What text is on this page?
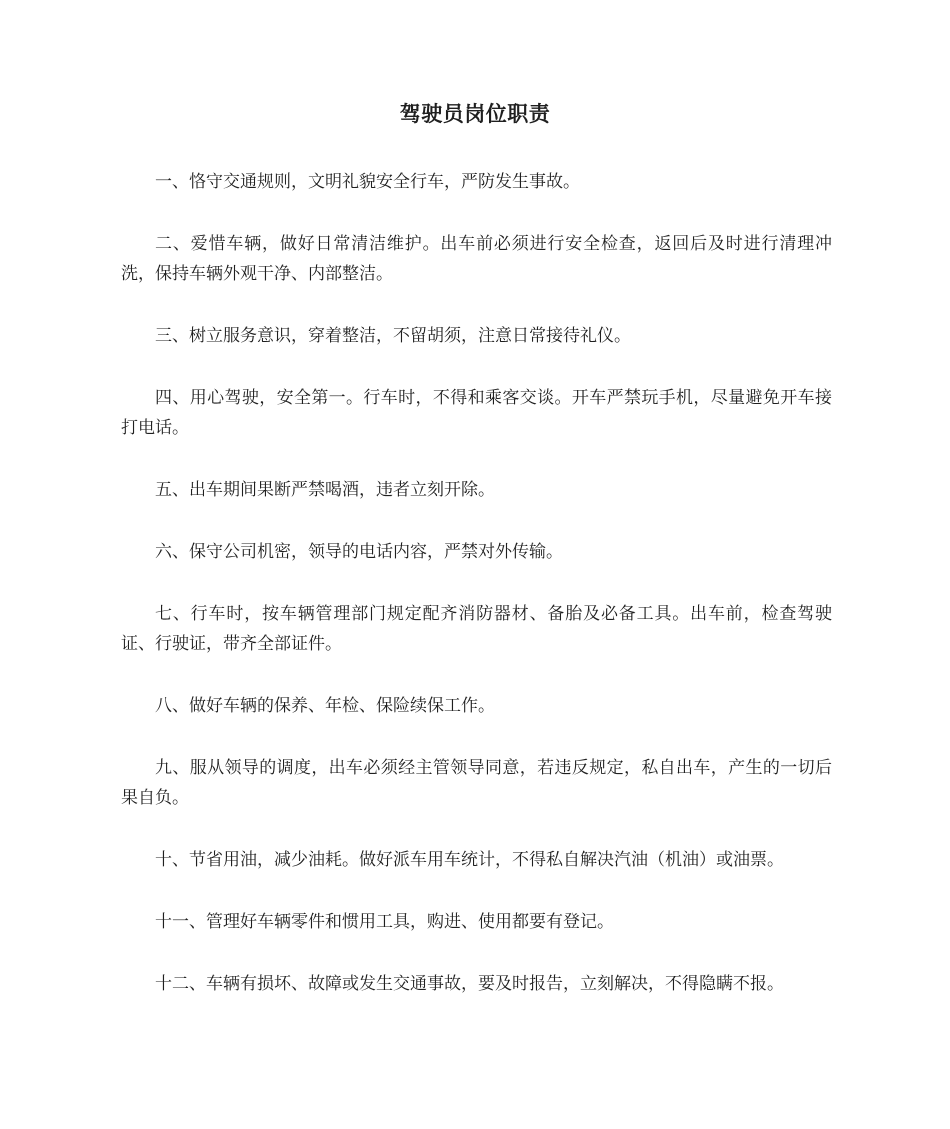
驾驶员岗位职责

一、恪守交通规则，文明礼貌安全行车，严防发生事故。

二、爱惜车辆，做好日常清洁维护。出车前必须进行安全检查，返回后及时进行清理冲洗，保持车辆外观干净、内部整洁。

三、树立服务意识，穿着整洁，不留胡须，注意日常接待礼仪。

四、用心驾驶，安全第一。行车时，不得和乘客交谈。开车严禁玩手机，尽量避免开车接打电话。

五、出车期间果断严禁喝酒，违者立刻开除。

六、保守公司机密，领导的电话内容，严禁对外传输。

七、行车时，按车辆管理部门规定配齐消防器材、备胎及必备工具。出车前，检查驾驶证、行驶证，带齐全部证件。

八、做好车辆的保养、年检、保险续保工作。

九、服从领导的调度，出车必须经主管领导同意，若违反规定，私自出车，产生的一切后果自负。

十、节省用油，减少油耗。做好派车用车统计，不得私自解决汽油（机油）或油票。

十一、管理好车辆零件和惯用工具，购进、使用都要有登记。

十二、车辆有损坏、故障或发生交通事故，要及时报告，立刻解决，不得隐瞒不报。
